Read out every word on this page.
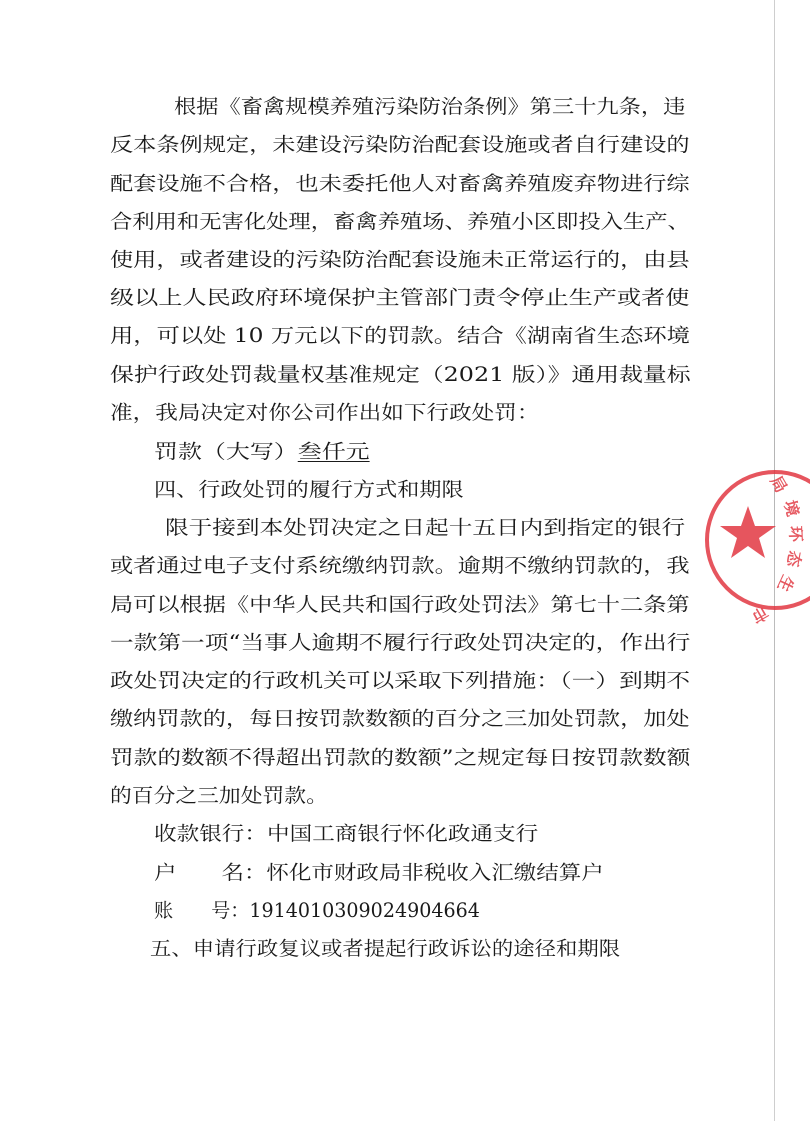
根据《畜禽规模养殖污染防治条例》第三十九条，违
反本条例规定，未建设污染防治配套设施或者自行建设的
配套设施不合格，也未委托他人对畜禽养殖废弃物进行综
合利用和无害化处理，畜禽养殖场、养殖小区即投入生产、
使用，或者建设的污染防治配套设施未正常运行的，由县
级以上人民政府环境保护主管部门责令停止生产或者使
用，可以处 10 万元以下的罚款。结合《湖南省生态环境
保护行政处罚裁量权基准规定（2021 版）》通用裁量标
准，我局决定对你公司作出如下行政处罚：
罚款（大写）叁仟元
四、行政处罚的履行方式和期限
限于接到本处罚决定之日起十五日内到指定的银行
或者通过电子支付系统缴纳罚款。逾期不缴纳罚款的，我
局可以根据《中华人民共和国行政处罚法》第七十二条第
一款第一项“当事人逾期不履行行政处罚决定的，作出行
政处罚决定的行政机关可以采取下列措施：（一）到期不
缴纳罚款的，每日按罚款数额的百分之三加处罚款，加处
罚款的数额不得超出罚款的数额”之规定每日按罚款数额
的百分之三加处罚款。
收款银行：中国工商银行怀化政通支行
户　　名：怀化市财政局非税收入汇缴结算户
账　　号：1914010309024904664
五、申请行政复议或者提起行政诉讼的途径和期限
局
境
环
态
生
市
